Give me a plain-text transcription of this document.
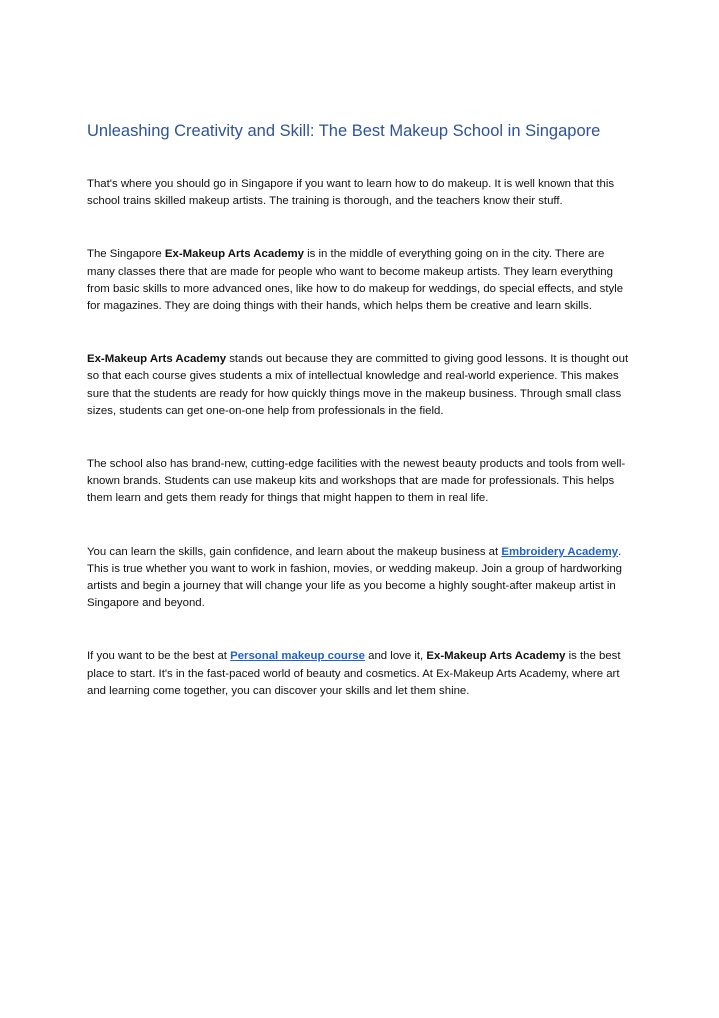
Unleashing Creativity and Skill: The Best Makeup School in Singapore

That's where you should go in Singapore if you want to learn how to do makeup. It is well known that this school trains skilled makeup artists. The training is thorough, and the teachers know their stuff.

The Singapore Ex-Makeup Arts Academy is in the middle of everything going on in the city. There are many classes there that are made for people who want to become makeup artists. They learn everything from basic skills to more advanced ones, like how to do makeup for weddings, do special effects, and style for magazines. They are doing things with their hands, which helps them be creative and learn skills.

Ex-Makeup Arts Academy stands out because they are committed to giving good lessons. It is thought out so that each course gives students a mix of intellectual knowledge and real-world experience. This makes sure that the students are ready for how quickly things move in the makeup business. Through small class sizes, students can get one-on-one help from professionals in the field.

The school also has brand-new, cutting-edge facilities with the newest beauty products and tools from well-known brands. Students can use makeup kits and workshops that are made for professionals. This helps them learn and gets them ready for things that might happen to them in real life.

You can learn the skills, gain confidence, and learn about the makeup business at Embroidery Academy. This is true whether you want to work in fashion, movies, or wedding makeup. Join a group of hardworking artists and begin a journey that will change your life as you become a highly sought-after makeup artist in Singapore and beyond.

If you want to be the best at Personal makeup course and love it, Ex-Makeup Arts Academy is the best place to start. It's in the fast-paced world of beauty and cosmetics. At Ex-Makeup Arts Academy, where art and learning come together, you can discover your skills and let them shine.
